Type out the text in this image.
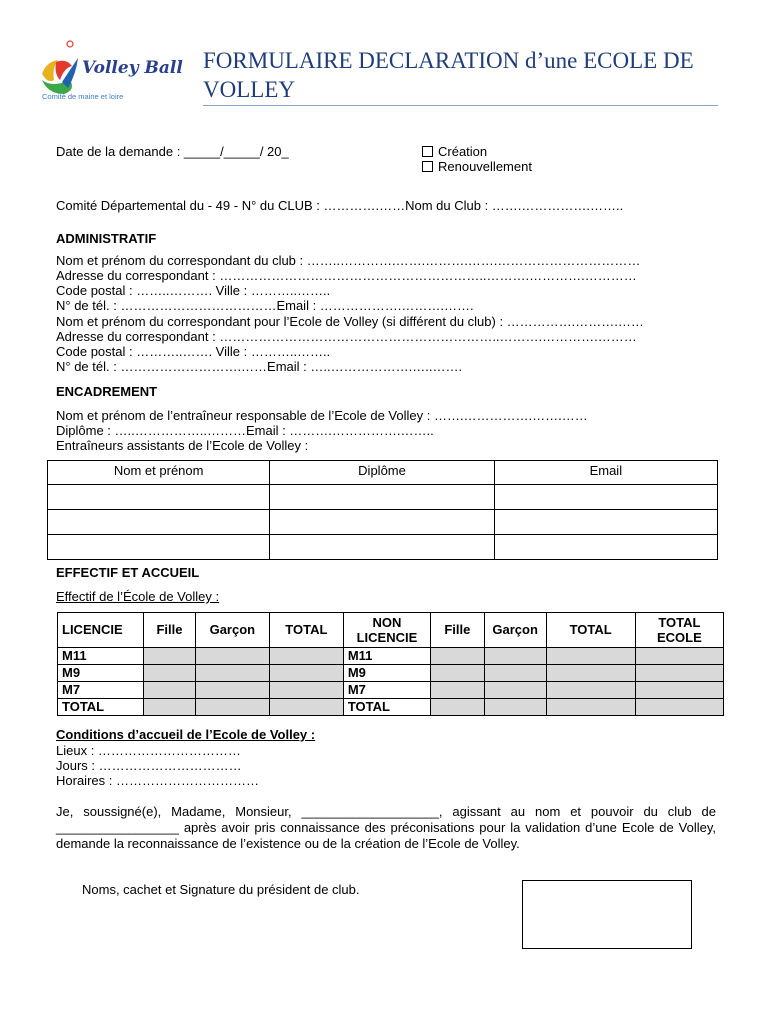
Volley Ball
Comité de maine et loire
FORMULAIRE DECLARATION d’une ECOLE DE VOLLEY
Date de la demande : _____/_____/ 20_	Création
Renouvellement
Comité Départemental du - 49 - N° du CLUB : ………….……Nom du Club : …….…………….……..
ADMINISTRATIF
Nom et prénom du correspondant du club : ……..………….…….……….…….……………………………
Adresse du correspondant : ……………………………………………………..……….………….…………
Code postal : ……..………. Ville : ………..……..
N° de tél. : ………………………………Email : ……………….……….…….
Nom et prénom du correspondant pour l’Ecole de Volley (si différent du club) : …………….……….……
Adresse du correspondant : ………………………………………………………..……….………….………
Code postal : ………..……. Ville : ………..……..
N° de tél. : ……………………….……Email : …..……………….…..…….
ENCADREMENT
Nom et prénom de l’entraîneur responsable de l’Ecole de Volley : …….…………….…….……
Diplôme : …..……………..………Email : ……….…………….……..
Entraîneurs assistants de l’Ecole de Volley :
Nom et prénom	Diplôme	Email

EFFECTIF ET ACCUEIL
Effectif de l’École de Volley :
LICENCIE	Fille	Garçon	TOTAL	NON LICENCIE	Fille	Garçon	TOTAL	TOTAL ECOLE
M11				M11				
M9				M9				
M7				M7				
TOTAL				TOTAL				
Conditions d’accueil de l’Ecole de Volley :
Lieux : ……………………………
Jours : ……………………………
Horaires : ……………………………
Je, soussigné(e), Madame, Monsieur, ___________________, agissant au nom et pouvoir du club de _________________ après avoir pris connaissance des préconisations pour la validation d’une Ecole de Volley, demande la reconnaissance de l’existence ou de la création de l’Ecole de Volley.
Noms, cachet et Signature du président de club.
